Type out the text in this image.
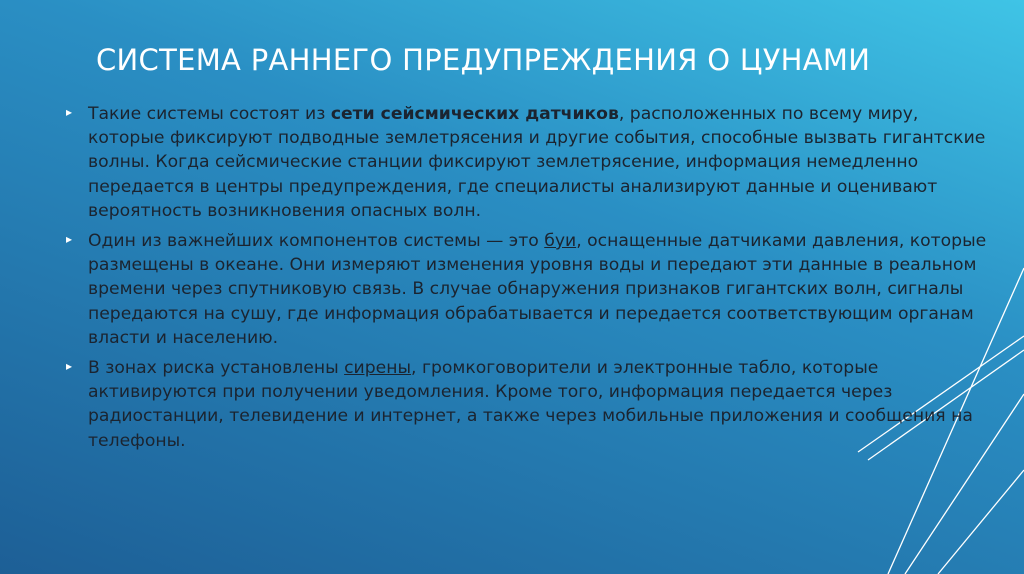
СИСТЕМА РАННЕГО ПРЕДУПРЕЖДЕНИЯ О ЦУНАМИ
▸ Такие системы состоят из сети сейсмических датчиков, расположенных по всему миру, которые фиксируют подводные землетрясения и другие события, способные вызвать гигантские волны. Когда сейсмические станции фиксируют землетрясение, информация немедленно передается в центры предупреждения, где специалисты анализируют данные и оценивают вероятность возникновения опасных волн.
▸ Один из важнейших компонентов системы — это буи, оснащенные датчиками давления, которые размещены в океане. Они измеряют изменения уровня воды и передают эти данные в реальном времени через спутниковую связь. В случае обнаружения признаков гигантских волн, сигналы передаются на сушу, где информация обрабатывается и передается соответствующим органам власти и населению.
▸ В зонах риска установлены сирены, громкоговорители и электронные табло, которые активируются при получении уведомления. Кроме того, информация передается через радиостанции, телевидение и интернет, а также через мобильные приложения и сообщения на телефоны.
